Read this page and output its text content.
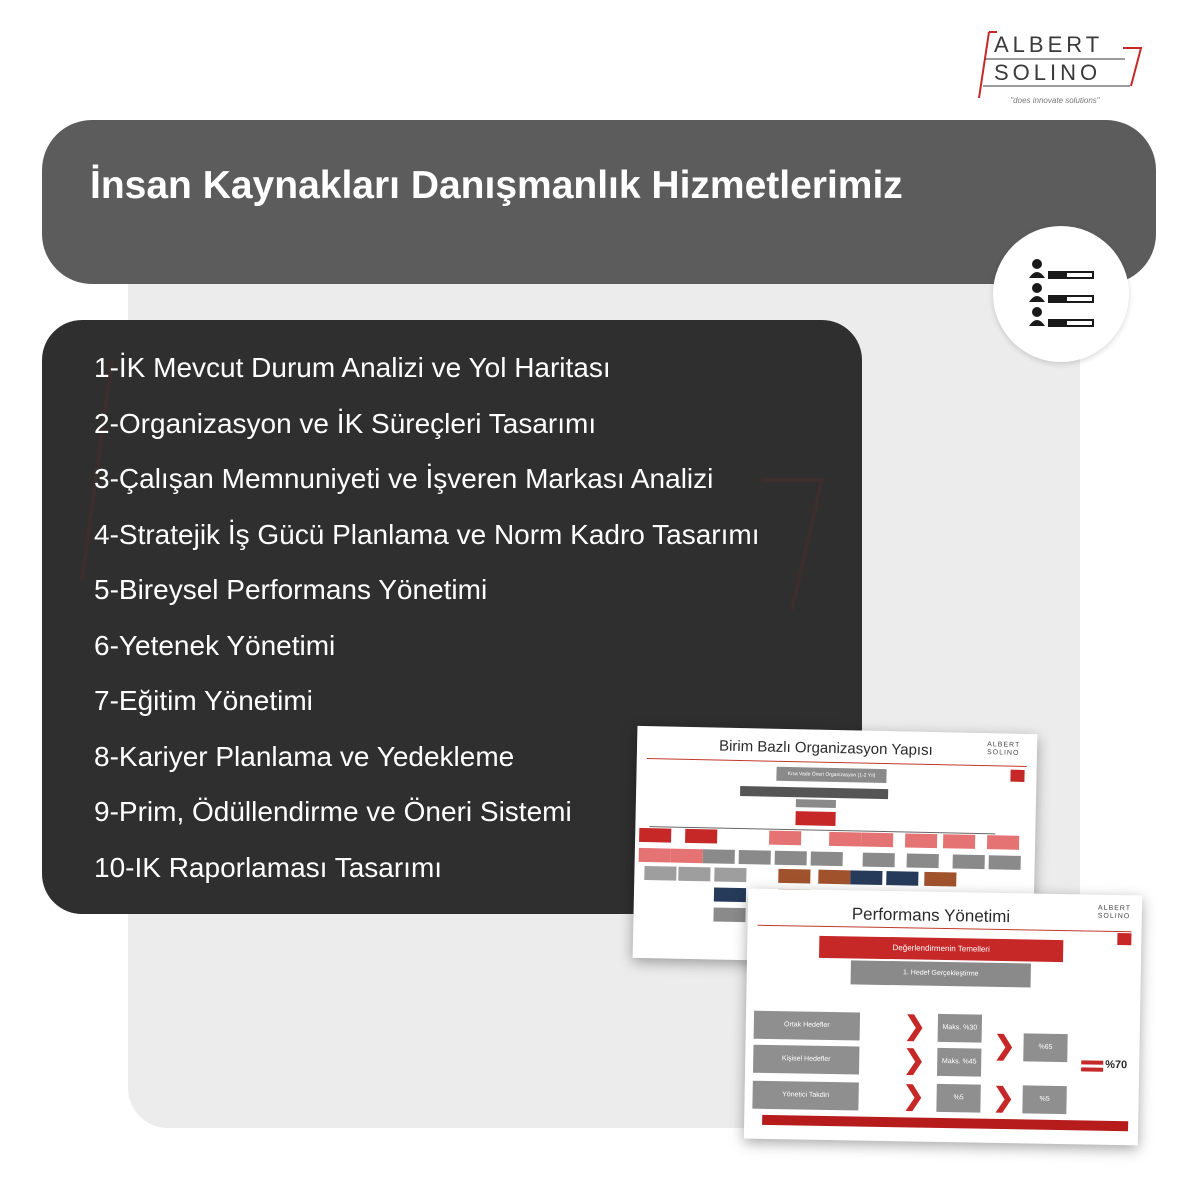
ALBERT
SOLINO
"does innovate solutions"
İnsan Kaynakları Danışmanlık Hizmetlerimiz
1-İK Mevcut Durum Analizi ve Yol Haritası
2-Organizasyon ve İK Süreçleri Tasarımı
3-Çalışan Memnuniyeti ve İşveren Markası Analizi
4-Stratejik İş Gücü Planlama ve Norm Kadro Tasarımı
5-Bireysel Performans Yönetimi
6-Yetenek Yönetimi
7-Eğitim Yönetimi
8-Kariyer Planlama ve Yedekleme
9-Prim, Ödüllendirme ve Öneri Sistemi
10-IK Raporlaması Tasarımı
Birim Bazlı Organizasyon Yapısı	ALBERT
SOLINO
Kısa Vade Öneri Organizasyon (1-2 Yıl)
Performans Yönetimi	ALBERT
SOLINO
Değerlendirmenin Temelleri
1. Hedef Gerçekleştirme
Ortak Hedefler
Kişisel Hedefler
Yönetici Takdiri
❯
❯
❯
Maks. %30
Maks. %45
%5
❯
❯
%65
%5
%70
